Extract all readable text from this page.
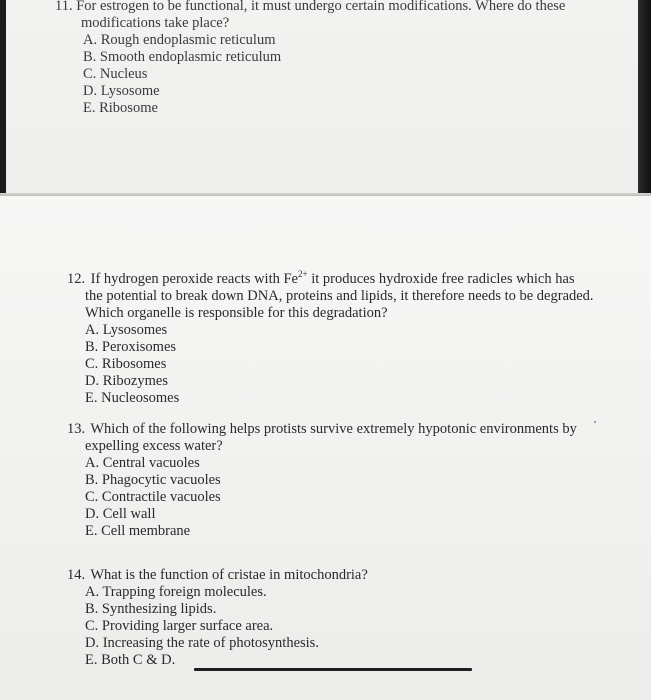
11. For estrogen to be functional, it must undergo certain modifications. Where do these
modifications take place?
A. Rough endoplasmic reticulum
B. Smooth endoplasmic reticulum
C. Nucleus
D. Lysosome
E. Ribosome
12. If hydrogen peroxide reacts with $Fe^{2+}$ it produces hydroxide free radicles which has
the potential to break down DNA, proteins and lipids, it therefore needs to be degraded.
Which organelle is responsible for this degradation?
A. Lysosomes
B. Peroxisomes
C. Ribosomes
D. Ribozymes
E. Nucleosomes
13. Which of the following helps protists survive extremely hypotonic environments by
expelling excess water?
A. Central vacuoles
B. Phagocytic vacuoles
C. Contractile vacuoles
D. Cell wall
E. Cell membrane
14. What is the function of cristae in mitochondria?
A. Trapping foreign molecules.
B. Synthesizing lipids.
C. Providing larger surface area.
D. Increasing the rate of photosynthesis.
E. Both C & D.
